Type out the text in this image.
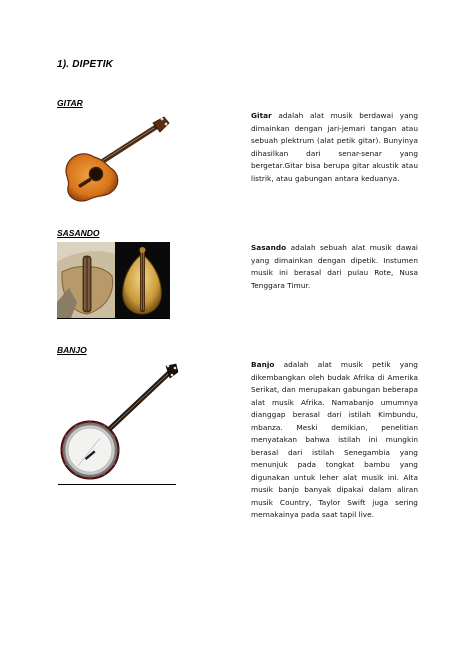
1). DIPETIK
GITAR
Gitar adalah alat musik berdawai yang dimainkan dengan jari-jemari tangan atau sebuah plektrum (alat petik gitar). Bunyinya dihasilkan dari senar-senar yang bergetar.Gitar bisa berupa gitar akustik atau listrik, atau gabungan antara keduanya.
SASANDO
Sasando adalah sebuah alat musik dawai yang dimainkan dengan dipetik. Instumen musik ini berasal dari pulau Rote, Nusa Tenggara Timur.
BANJO
Banjo adalah alat musik petik yang dikembangkan oleh budak Afrika di Amerika Serikat, dan merupakan gabungan beberapa alat musik Afrika. Namabanjo umumnya dianggap berasal dari istilah Kimbundu, mbanza. Meski demikian, penelitian menyatakan bahwa istilah ini mungkin berasal dari istilah Senegambia yang menunjuk pada tongkat bambu yang digunakan untuk leher alat musik ini. Alta musik banjo banyak dipakai dalam aliran musik Country, Taylor Swift juga sering memakainya pada saat tapil live.
